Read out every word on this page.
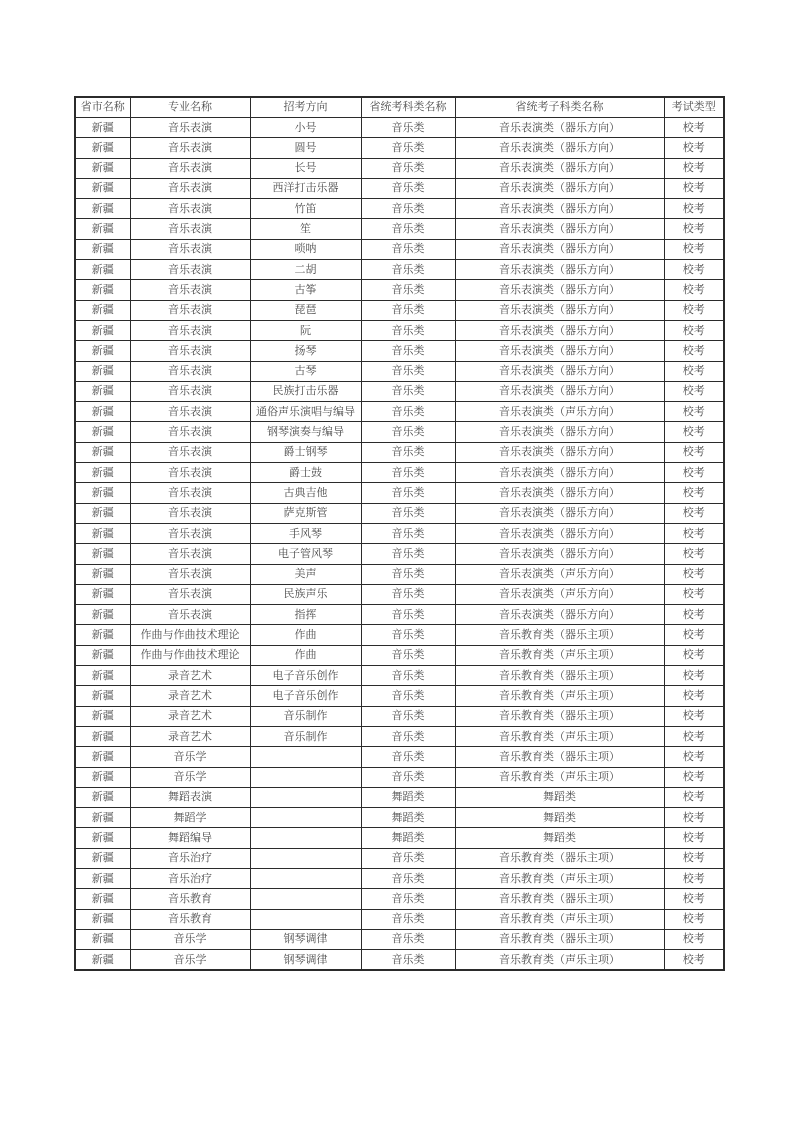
省市名称	专业名称	招考方向	省统考科类名称	省统考子科类名称	考试类型
新疆	音乐表演	小号	音乐类	音乐表演类（器乐方向）	校考
新疆	音乐表演	圆号	音乐类	音乐表演类（器乐方向）	校考
新疆	音乐表演	长号	音乐类	音乐表演类（器乐方向）	校考
新疆	音乐表演	西洋打击乐器	音乐类	音乐表演类（器乐方向）	校考
新疆	音乐表演	竹笛	音乐类	音乐表演类（器乐方向）	校考
新疆	音乐表演	笙	音乐类	音乐表演类（器乐方向）	校考
新疆	音乐表演	唢呐	音乐类	音乐表演类（器乐方向）	校考
新疆	音乐表演	二胡	音乐类	音乐表演类（器乐方向）	校考
新疆	音乐表演	古筝	音乐类	音乐表演类（器乐方向）	校考
新疆	音乐表演	琵琶	音乐类	音乐表演类（器乐方向）	校考
新疆	音乐表演	阮	音乐类	音乐表演类（器乐方向）	校考
新疆	音乐表演	扬琴	音乐类	音乐表演类（器乐方向）	校考
新疆	音乐表演	古琴	音乐类	音乐表演类（器乐方向）	校考
新疆	音乐表演	民族打击乐器	音乐类	音乐表演类（器乐方向）	校考
新疆	音乐表演	通俗声乐演唱与编导	音乐类	音乐表演类（声乐方向）	校考
新疆	音乐表演	钢琴演奏与编导	音乐类	音乐表演类（器乐方向）	校考
新疆	音乐表演	爵士钢琴	音乐类	音乐表演类（器乐方向）	校考
新疆	音乐表演	爵士鼓	音乐类	音乐表演类（器乐方向）	校考
新疆	音乐表演	古典吉他	音乐类	音乐表演类（器乐方向）	校考
新疆	音乐表演	萨克斯管	音乐类	音乐表演类（器乐方向）	校考
新疆	音乐表演	手风琴	音乐类	音乐表演类（器乐方向）	校考
新疆	音乐表演	电子管风琴	音乐类	音乐表演类（器乐方向）	校考
新疆	音乐表演	美声	音乐类	音乐表演类（声乐方向）	校考
新疆	音乐表演	民族声乐	音乐类	音乐表演类（声乐方向）	校考
新疆	音乐表演	指挥	音乐类	音乐表演类（器乐方向）	校考
新疆	作曲与作曲技术理论	作曲	音乐类	音乐教育类（器乐主项）	校考
新疆	作曲与作曲技术理论	作曲	音乐类	音乐教育类（声乐主项）	校考
新疆	录音艺术	电子音乐创作	音乐类	音乐教育类（器乐主项）	校考
新疆	录音艺术	电子音乐创作	音乐类	音乐教育类（声乐主项）	校考
新疆	录音艺术	音乐制作	音乐类	音乐教育类（器乐主项）	校考
新疆	录音艺术	音乐制作	音乐类	音乐教育类（声乐主项）	校考
新疆	音乐学		音乐类	音乐教育类（器乐主项）	校考
新疆	音乐学		音乐类	音乐教育类（声乐主项）	校考
新疆	舞蹈表演		舞蹈类	舞蹈类	校考
新疆	舞蹈学		舞蹈类	舞蹈类	校考
新疆	舞蹈编导		舞蹈类	舞蹈类	校考
新疆	音乐治疗		音乐类	音乐教育类（器乐主项）	校考
新疆	音乐治疗		音乐类	音乐教育类（声乐主项）	校考
新疆	音乐教育		音乐类	音乐教育类（器乐主项）	校考
新疆	音乐教育		音乐类	音乐教育类（声乐主项）	校考
新疆	音乐学	钢琴调律	音乐类	音乐教育类（器乐主项）	校考
新疆	音乐学	钢琴调律	音乐类	音乐教育类（声乐主项）	校考
